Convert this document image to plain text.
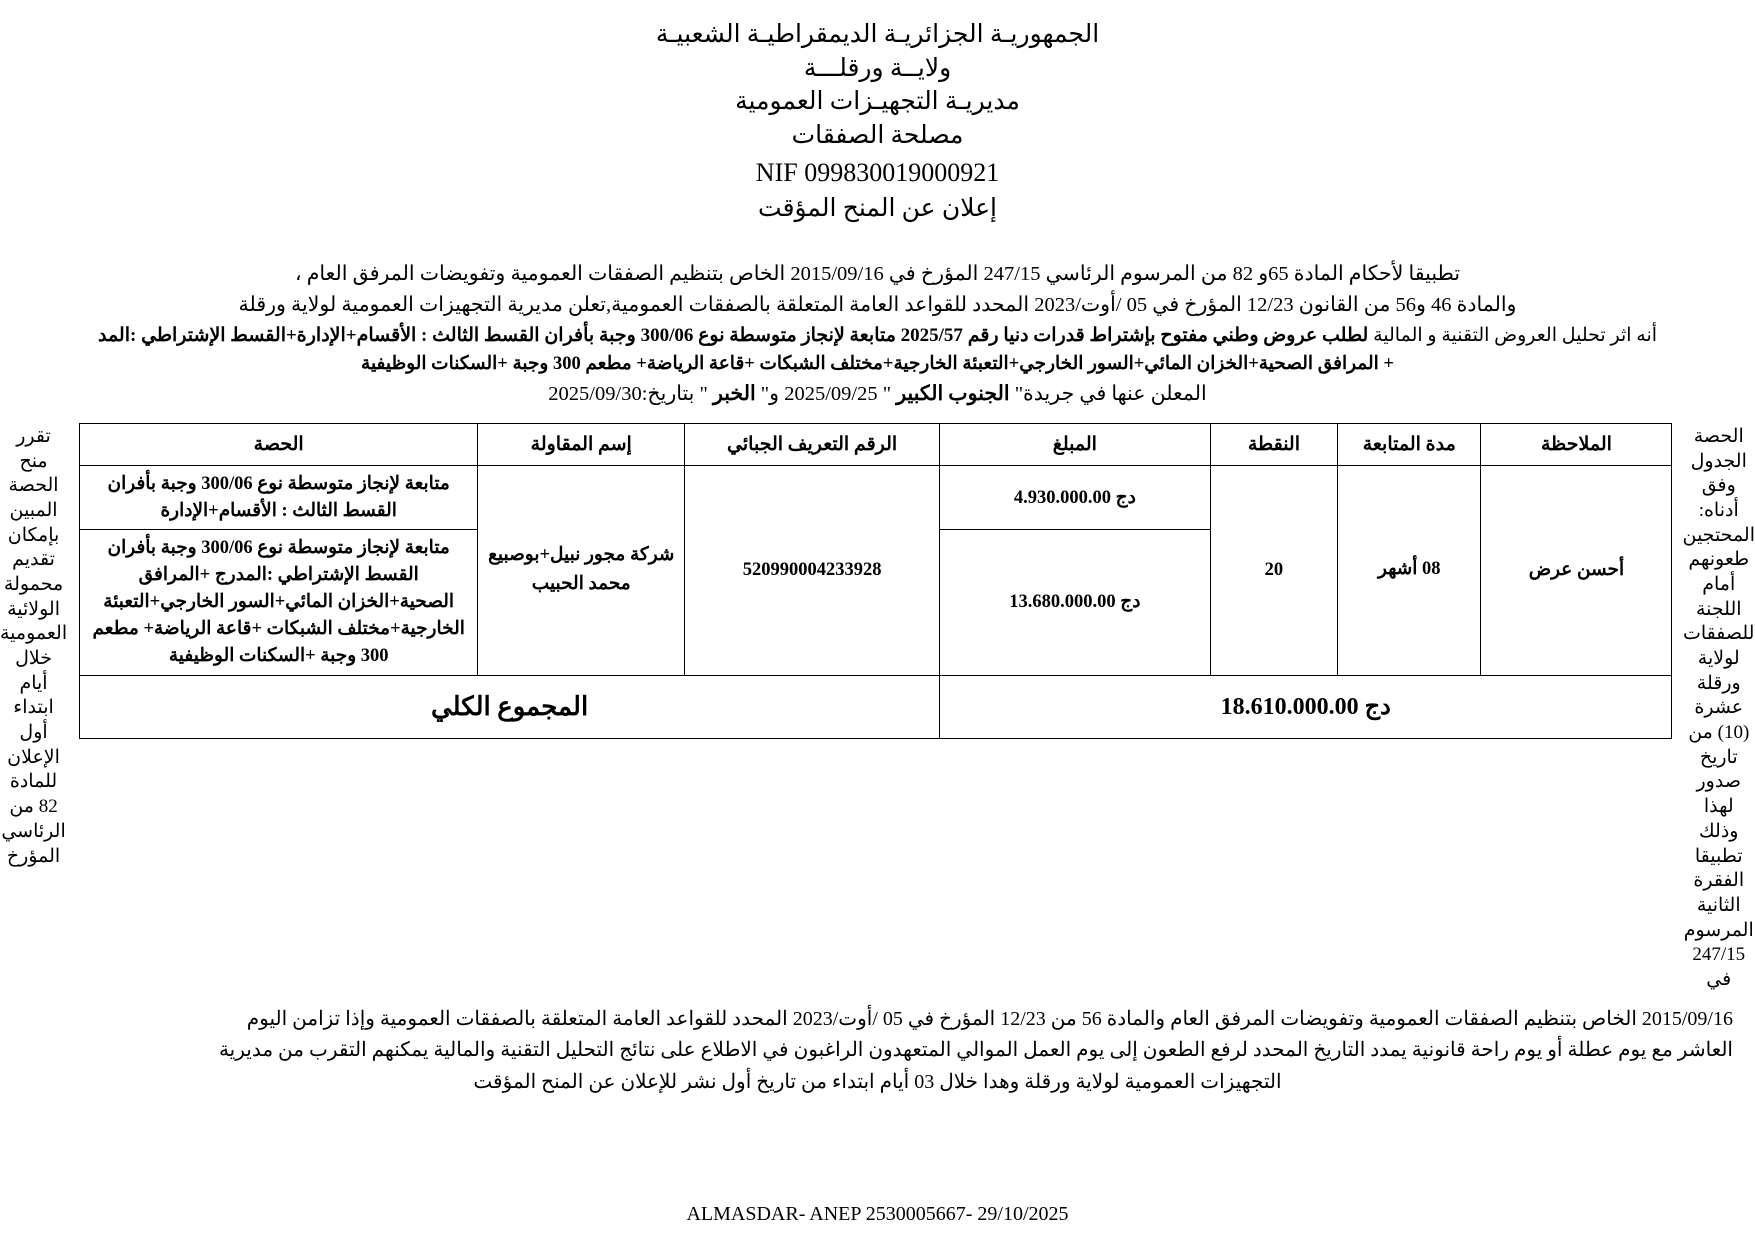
الجمهوريـة الجزائريـة الديمقراطيـة الشعبيـة
ولايــة ورقلـــة
مديريـة التجهيـزات العمومية
مصلحة الصفقات
NIF 099830019000921
إعلان عن المنح المؤقت

تطبيقا لأحكام المادة 65و 82 من المرسوم الرئاسي 247/15 المؤرخ في 2015/09/16 الخاص بتنظيم الصفقات العمومية وتفويضات المرفق العام ،

والمادة 46 و56 من القانون 12/23 المؤرخ في 05 /أوت/2023 المحدد للقواعد العامة المتعلقة بالصفقات العمومية,تعلن مديرية التجهيزات العمومية لولاية ورقلة

أنه اثر تحليل العروض التقنية و المالية لطلب عروض وطني مفتوح بإشتراط قدرات دنيا رقم 2025/57 متابعة لإنجاز متوسطة نوع 300/06 وجبة بأفران القسط الثالث : الأقسام+الإدارة+القسط الإشتراطي :المد

+ المرافق الصحية+الخزان المائي+السور الخارجي+التعبئة الخارجية+مختلف الشبكات +قاعة الرياضة+ مطعم 300 وجبة +السكنات الوظيفية

المعلن عنها في جريدة" الجنوب الكبير " 2025/09/25 و" الخبر " بتاريخ:2025/09/30

الحصة الجدول وفق أدناه: المحتجين طعونهم أمام اللجنة للصفقات لولاية ورقلة عشرة (10) من تاريخ صدور لهذا وذلك تطبيقا الفقرة الثانية المرسوم 247/15 في
الملاحظة	مدة المتابعة	النقطة	المبلغ	الرقم التعريف الجبائي	إسم المقاولة	الحصة
أحسن عرض	08 أشهر	20	4.930.000.00 دج	520990004233928	شركة مجور نبيل+بوصبيع محمد الحبيب	متابعة لإنجاز متوسطة نوع 300/06 وجبة بأفران
القسط الثالث : الأقسام+الإدارة

			13.680.000.00 دج			متابعة لإنجاز متوسطة نوع 300/06 وجبة بأفران
القسط الإشتراطي :المدرج +المرافق الصحية+الخزان المائي+السور الخارجي+التعبئة الخارجية+مختلف الشبكات +قاعة الرياضة+ مطعم 300 وجبة +السكنات الوظيفية

18.610.000.00 دج				المجموع الكلي		
تقرر منح الحصة المبين بإمكان تقديم محمولة الولائية العمومية خلال أيام ابتداء أول الإعلان للمادة 82 من الرئاسي المؤرخ

2015/09/16 الخاص بتنظيم الصفقات العمومية وتفويضات المرفق العام والمادة 56 من 12/23 المؤرخ في 05 /أوت/2023 المحدد للقواعد العامة المتعلقة بالصفقات العمومية وإذا تزامن اليوم

العاشر مع يوم عطلة أو يوم راحة قانونية يمدد التاريخ المحدد لرفع الطعون إلى يوم العمل الموالي المتعهدون الراغبون في الاطلاع على نتائج التحليل التقنية والمالية يمكنهم التقرب من مديرية

التجهيزات العمومية لولاية ورقلة وهدا خلال 03 أيام ابتداء من تاريخ أول نشر للإعلان عن المنح المؤقت

ALMASDAR- ANEP 2530005667- 29/10/2025
